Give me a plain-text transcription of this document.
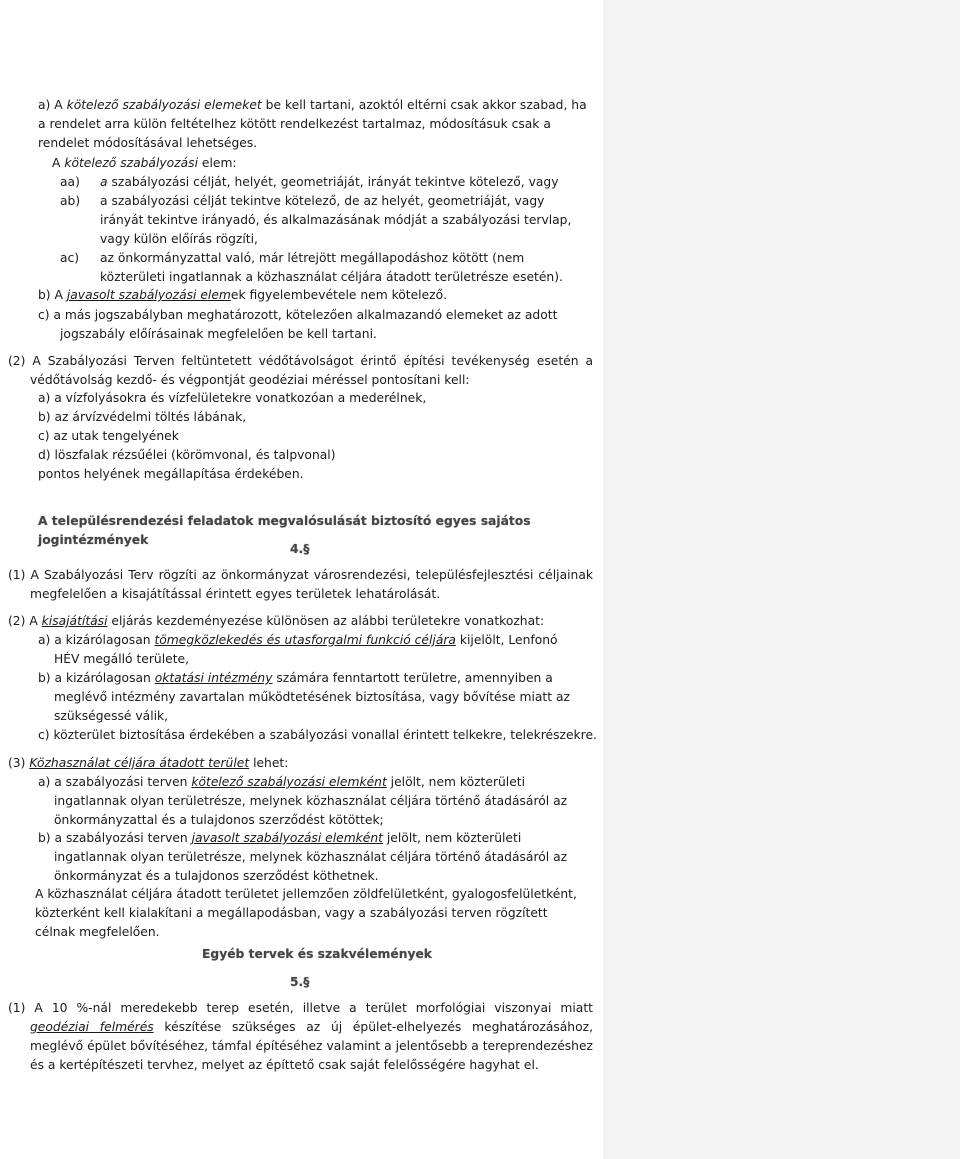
a) A kötelező szabályozási elemeket be kell tartani, azoktól eltérni csak akkor szabad, ha a rendelet arra külön feltételhez kötött rendelkezést tartalmaz, módosításuk csak a rendelet módosításával lehetséges.
A kötelező szabályozási elem:
aa) a szabályozási célját, helyét, geometriáját, irányát tekintve kötelező, vagy
ab) a szabályozási célját tekintve kötelező, de az helyét, geometriáját, vagy irányát tekintve irányadó, és alkalmazásának módját a szabályozási tervlap, vagy külön előírás rögzíti,
ac) az önkormányzattal való, már létrejött megállapodáshoz kötött (nem közterületi ingatlannak a közhasználat céljára átadott területrésze esetén).
b) A javasolt szabályozási elemek figyelembevétele nem kötelező.
c) a más jogszabályban meghatározott, kötelezően alkalmazandó elemeket az adott jogszabály előírásainak megfelelően be kell tartani.
(2) A Szabályozási Terven feltüntetett védőtávolságot érintő építési tevékenység esetén a védőtávolság kezdő- és végpontját geodéziai méréssel pontosítani kell:
a) a vízfolyásokra és vízfelületekre vonatkozóan a mederélnek,
b) az árvízvédelmi töltés lábának,
c) az utak tengelyének
d) löszfalak rézsűélei (körömvonal, és talpvonal)
pontos helyének megállapítása érdekében.
A településrendezési feladatok megvalósulását biztosító egyes sajátos jogintézmények
4.§
(1) A Szabályozási Terv rögzíti az önkormányzat városrendezési, településfejlesztési céljainak megfelelően a kisajátítással érintett egyes területek lehatárolását.
(2) A kisajátítási eljárás kezdeményezése különösen az alábbi területekre vonatkozhat:
a) a kizárólagosan tömegközlekedés és utasforgalmi funkció céljára kijelölt, Lenfonó HÉV megálló területe,
b) a kizárólagosan oktatási intézmény számára fenntartott területre, amennyiben a meglévő intézmény zavartalan működtetésének biztosítása, vagy bővítése miatt az szükségessé válik,
c) közterület biztosítása érdekében a szabályozási vonallal érintett telkekre, telekrészekre.
(3) Közhasználat céljára átadott terület lehet:
a) a szabályozási terven kötelező szabályozási elemként jelölt, nem közterületi ingatlannak olyan területrésze, melynek közhasználat céljára történő átadásáról az önkormányzattal és a tulajdonos szerződést kötöttek;
b) a szabályozási terven javasolt szabályozási elemként jelölt, nem közterületi ingatlannak olyan területrésze, melynek közhasználat céljára történő átadásáról az önkormányzat és a tulajdonos szerződést köthetnek.
A közhasználat céljára átadott területet jellemzően zöldfelületként, gyalogosfelületként, közterként kell kialakítani a megállapodásban, vagy a szabályozási terven rögzített célnak megfelelően.
Egyéb tervek és szakvélemények
5.§
(1) A 10 %-nál meredekebb terep esetén, illetve a terület morfológiai viszonyai miatt geodéziai felmérés készítése szükséges az új épület-elhelyezés meghatározásához, meglévő épület bővítéséhez, támfal építéséhez valamint a jelentősebb a tereprendezéshez és a kertépítészeti tervhez, melyet az építtető csak saját felelősségére hagyhat el.
